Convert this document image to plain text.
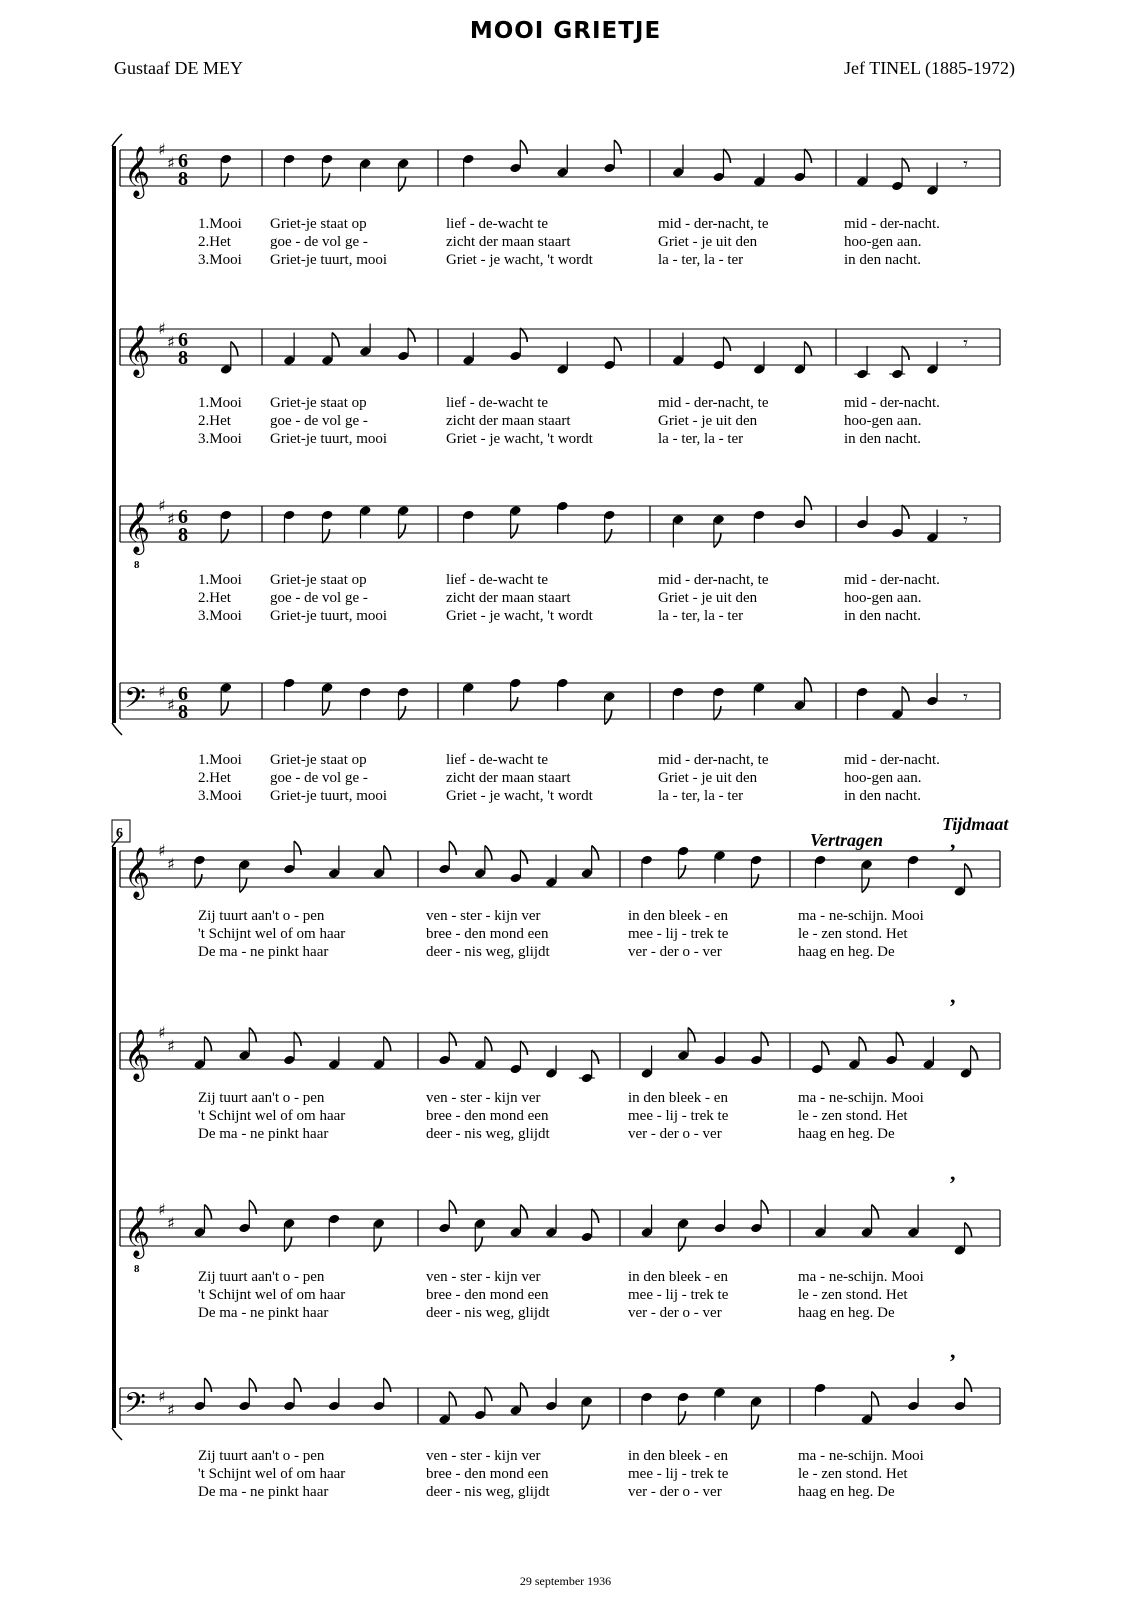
MOOI GRIETJE
Gustaaf DE MEY	Jef TINEL (1885-1972)
𝄾
𝄾
𝄾
𝄾
1.Mooi Griet-je staat op	lief - de-wacht te	mid - der-nacht, te	mid - der-nacht.
2.Het	goe - de vol ge -	zicht der maan staart	Griet - je uit den	hoo-gen aan.
3.Mooi Griet-je tuurt, mooi	Griet - je wacht, 't wordt	la - ter, la - ter	in den nacht.
1.Mooi Griet-je staat op	lief - de-wacht te	mid - der-nacht, te	mid - der-nacht.
2.Het	goe - de vol ge -	zicht der maan staart	Griet - je uit den	hoo-gen aan.
3.Mooi Griet-je tuurt, mooi	Griet - je wacht, 't wordt	la - ter, la - ter	in den nacht.
1.Mooi Griet-je staat op	lief - de-wacht te	mid - der-nacht, te	mid - der-nacht.
2.Het	goe - de vol ge -	zicht der maan staart	Griet - je uit den	hoo-gen aan.
3.Mooi Griet-je tuurt, mooi	Griet - je wacht, 't wordt	la - ter, la - ter	in den nacht.
1.Mooi Griet-je staat op	lief - de-wacht te	mid - der-nacht, te	mid - der-nacht.
2.Het	goe - de vol ge -	zicht der maan staart	Griet - je uit den	hoo-gen aan.
3.Mooi Griet-je tuurt, mooi	Griet - je wacht, 't wordt	la - ter, la - ter	in den nacht.
Zij tuurt aan't o - pen	ven - ster - kijn ver	in den bleek - en	ma - ne-schijn. Mooi
't Schijnt wel of om haar	bree - den mond een	mee - lij - trek te	le - zen stond. Het
De ma - ne pinkt haar	deer - nis weg, glijdt	ver - der o - ver	haag en heg. De
Zij tuurt aan't o - pen	ven - ster - kijn ver	in den bleek - en	ma - ne-schijn. Mooi
't Schijnt wel of om haar	bree - den mond een	mee - lij - trek te	le - zen stond. Het
De ma - ne pinkt haar	deer - nis weg, glijdt	ver - der o - ver	haag en heg. De
Zij tuurt aan't o - pen	ven - ster - kijn ver	in den bleek - en	ma - ne-schijn. Mooi
't Schijnt wel of om haar	bree - den mond een	mee - lij - trek te	le - zen stond. Het
De ma - ne pinkt haar	deer - nis weg, glijdt	ver - der o - ver	haag en heg. De
Zij tuurt aan't o - pen	ven - ster - kijn ver	in den bleek - en	ma - ne-schijn. Mooi
't Schijnt wel of om haar	bree - den mond een	mee - lij - trek te	le - zen stond. Het
De ma - ne pinkt haar	deer - nis weg, glijdt	ver - der o - ver	haag en heg. De
𝄞 ♯
♯ 6
8
𝄞 ♯
♯ 6
8
𝄞
8
♯
♯ 6
8
𝄢 ♯
♯ 6
8
𝄞 ♯
♯
𝄞 ♯
♯
𝄞
8
♯
♯
𝄢 ♯
♯
6	Vertragen
Tijdmaat
,
,
,
,
29 september 1936
